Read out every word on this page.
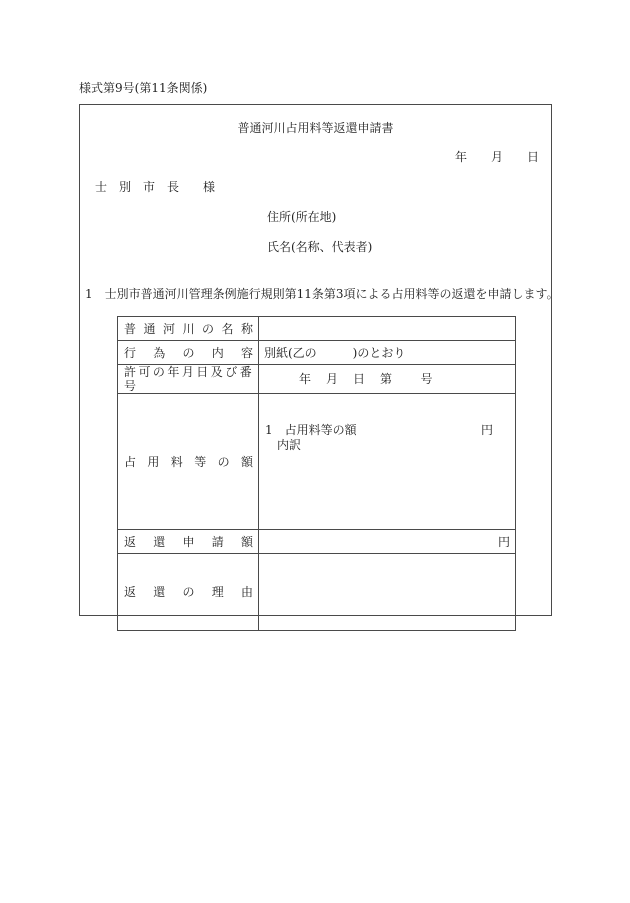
様式第9号(第11条関係)
普通河川占用料等返還申請書
年　　月　　日
士　別　市　長　　様
住所(所在地)
氏名(名称、代表者)
1　士別市普通河川管理条例施行規則第11条第3項による占用料等の返還を申請します。
普 通 河 川 の 名 称	
行 為 の 内 容	別紙(乙の　　　)のとおり
許可の年月日及び番号	年　月　日　第　　号
占 用 料 等 の 額	1　占用料等の額

円

内訳

返 還 申 請 額	円
返 還 の 理 由	
